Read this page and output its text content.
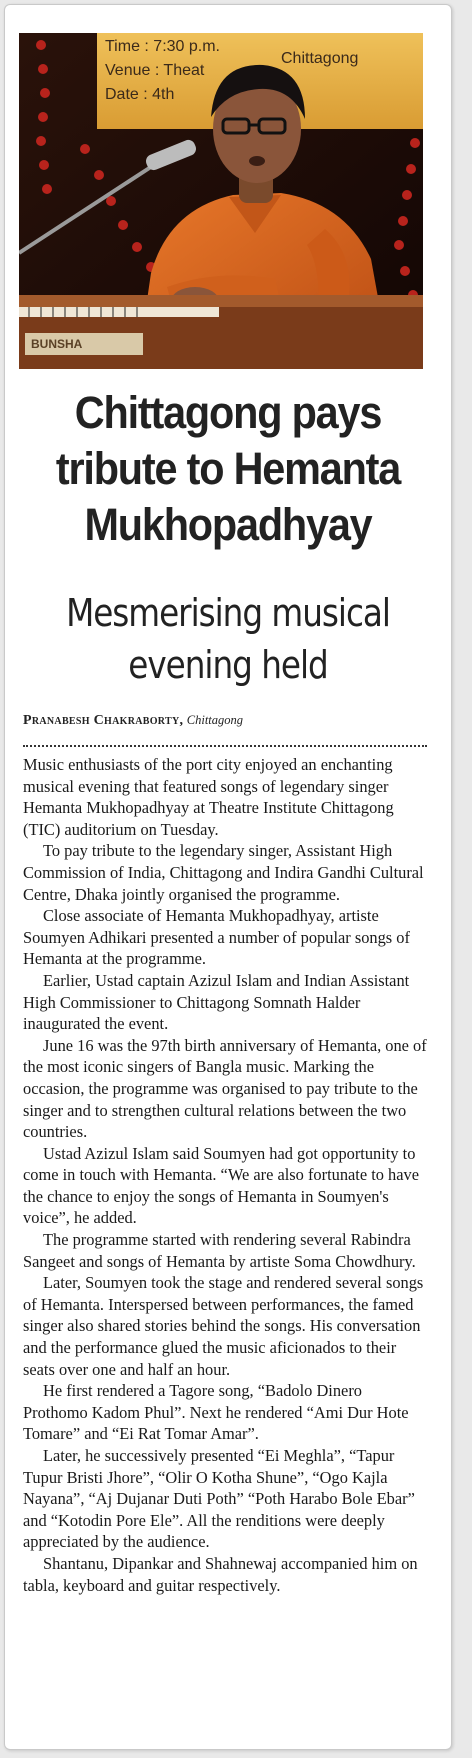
Time : 7:30 p.m.
Venue : Theat
Date : 4th
Chittagong
BUNSHA
Chittagong pays
tribute to Hemanta
Mukhopadhyay
Mesmerising musical
evening held
Pranabesh Chakraborty, Chittagong

Music enthusiasts of the port city enjoyed an enchanting musical evening that featured songs of legendary singer Hemanta Mukhopadhyay at Theatre Institute Chittagong (TIC) auditorium on Tuesday.

To pay tribute to the legendary singer, Assistant High Commission of India, Chittagong and Indira Gandhi Cultural Centre, Dhaka jointly organised the programme.

Close associate of Hemanta Mukhopadhyay, artiste Soumyen Adhikari presented a number of popular songs of Hemanta at the programme.

Earlier, Ustad captain Azizul Islam and Indian Assistant High Commissioner to Chittagong Somnath Halder inaugurated the event.

June 16 was the 97th birth anniversary of Hemanta, one of the most iconic singers of Bangla music. Marking the occasion, the programme was organised to pay tribute to the singer and to strengthen cultural relations between the two countries.

Ustad Azizul Islam said Soumyen had got opportunity to come in touch with Hemanta. “We are also fortunate to have the chance to enjoy the songs of Hemanta in Soumyen's voice”, he added.

The programme started with rendering several Rabindra Sangeet and songs of Hemanta by artiste Soma Chowdhury.

Later, Soumyen took the stage and rendered several songs of Hemanta. Interspersed between performances, the famed singer also shared stories behind the songs. His conversation and the performance glued the music aficionados to their seats over one and half an hour.

He first rendered a Tagore song, “Badolo Dinero Prothomo Kadom Phul”. Next he rendered “Ami Dur Hote Tomare” and “Ei Rat Tomar Amar”.

Later, he successively presented “Ei Meghla”, “Tapur Tupur Bristi Jhore”, “Olir O Kotha Shune”, “Ogo Kajla Nayana”, “Aj Dujanar Duti Poth” “Poth Harabo Bole Ebar” and “Kotodin Pore Ele”. All the renditions were deeply appreciated by the audience.

Shantanu, Dipankar and Shahnewaj accompanied him on tabla, keyboard and guitar respectively.
